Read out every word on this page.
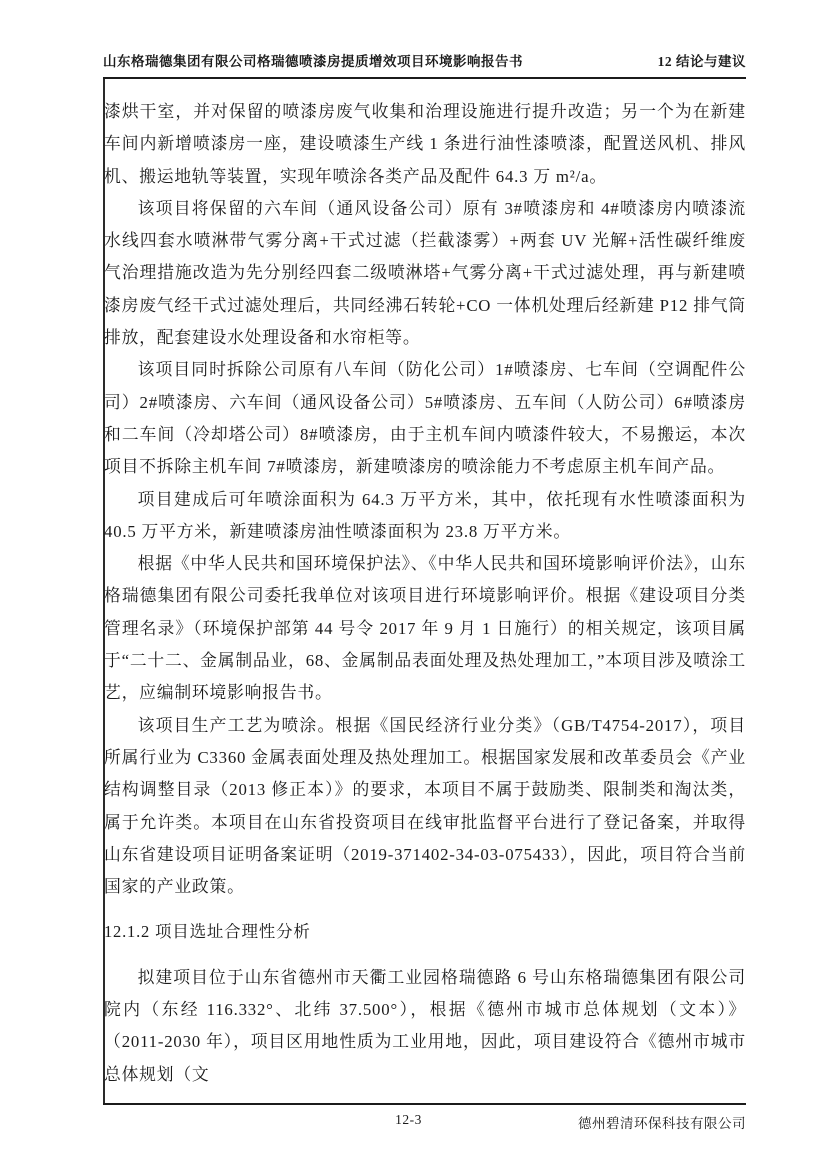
山东格瑞德集团有限公司格瑞德喷漆房提质增效项目环境影响报告书	12 结论与建议

漆烘干室，并对保留的喷漆房废气收集和治理设施进行提升改造；另一个为在新建车间内新增喷漆房一座，建设喷漆生产线 1 条进行油性漆喷漆，配置送风机、排风机、搬运地轨等装置，实现年喷涂各类产品及配件 64.3 万 m²/a。

该项目将保留的六车间（通风设备公司）原有 3#喷漆房和 4#喷漆房内喷漆流水线四套水喷淋带气雾分离+干式过滤（拦截漆雾）+两套 UV 光解+活性碳纤维废气治理措施改造为先分别经四套二级喷淋塔+气雾分离+干式过滤处理，再与新建喷漆房废气经干式过滤处理后，共同经沸石转轮+CO 一体机处理后经新建 P12 排气筒排放，配套建设水处理设备和水帘柜等。

该项目同时拆除公司原有八车间（防化公司）1#喷漆房、七车间（空调配件公司）2#喷漆房、六车间（通风设备公司）5#喷漆房、五车间（人防公司）6#喷漆房和二车间（冷却塔公司）8#喷漆房，由于主机车间内喷漆件较大，不易搬运，本次项目不拆除主机车间 7#喷漆房，新建喷漆房的喷涂能力不考虑原主机车间产品。

项目建成后可年喷涂面积为 64.3 万平方米，其中，依托现有水性喷漆面积为 40.5 万平方米，新建喷漆房油性喷漆面积为 23.8 万平方米。

根据《中华人民共和国环境保护法》、《中华人民共和国环境影响评价法》，山东格瑞德集团有限公司委托我单位对该项目进行环境影响评价。根据《建设项目分类管理名录》（环境保护部第 44 号令 2017 年 9 月 1 日施行）的相关规定，该项目属于“二十二、金属制品业，68、金属制品表面处理及热处理加工，”本项目涉及喷涂工艺，应编制环境影响报告书。

该项目生产工艺为喷涂。根据《国民经济行业分类》（GB/T4754-2017），项目所属行业为 C3360 金属表面处理及热处理加工。根据国家发展和改革委员会《产业结构调整目录（2013 修正本）》的要求，本项目不属于鼓励类、限制类和淘汰类，属于允许类。本项目在山东省投资项目在线审批监督平台进行了登记备案，并取得山东省建设项目证明备案证明（2019-371402-34-03-075433），因此，项目符合当前国家的产业政策。

12.1.2 项目选址合理性分析

拟建项目位于山东省德州市天衢工业园格瑞德路 6 号山东格瑞德集团有限公司院内（东经 116.332°、北纬 37.500°），根据《德州市城市总体规划（文本）》（2011-2030 年），项目区用地性质为工业用地，因此，项目建设符合《德州市城市总体规划（文

12-3	德州碧清环保科技有限公司
